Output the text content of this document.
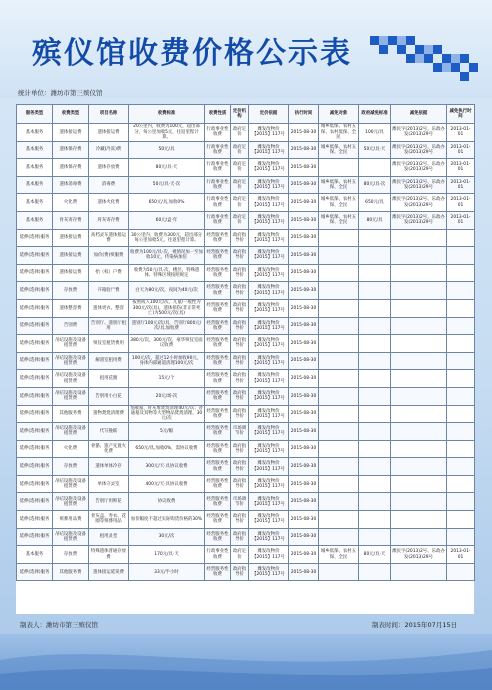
殡仪馆收费价格公示表
统计单位：潍坊市第三殡仪馆
服务类型	收费类型	项目名称	收费标准	收费性质	定价机构	定价依据	执行时间	减免对象	政府减免标准	减免依据	减免执行时间
基本服务	遗体接运费	遗体接运费	20公里内，收费为100元，超出部分，每公里加收5元，往返里程计算。	行政事业性收费	政府定价	潍发改物价【2015】117号	2015-08-30	城乡低保、农村五保、农村低保、全民	100元/具	潍民字(2013)2号、乐政办发(2013)29号	2013-01-01
基本服务	遗体保存费	冷藏(冷冻)费	50元/具	行政事业性收费	政府定价	潍发改物价【2015】117号	2015-08-30	城乡低保、农村五保、全民	50元/具·天	潍民字(2013)2号、乐政办发(2013)29号	2013-01-01
基本服务	遗体保存费	遗体存放费	80元/具·天	行政事业性收费	政府定价	潍发改物价【2015】117号	2015-08-30			潍民字(2013)2号、乐政办发(2013)29号	2013-01-01
基本服务	遗体消毒费	消毒费	50元/具·天·次	行政事业性收费	政府定价	潍发改物价【2015】117号	2015-08-30	城乡低保、农村五保、全民	80元/具·次	潍民字(2013)2号、乐政办发(2013)29号	2013-01-01
基本服务	火化费	遗体火化费	650元/具,加收0%	行政事业性收费	政府定价	潍发改物价【2015】117号	2015-08-30	城乡低保、农村五保、全民	650元/具	潍民字(2013)2号、乐政办发(2013)29号	2013-01-01
基本服务	骨灰寄存费	骨灰寄存费	60元/盒·年	行政事业性收费	政府定价	潍发改物价【2015】117号	2015-08-30	城乡低保、农村五保、全民	80元/具	潍民字(2013)2号、乐政办发(2013)29号	2013-01-01
延伸(选择)服务	遗体接运费	高档灵车遗体接运费	30公里内，收费为300元，超出部分每公里加收5元，往返里程计算。	经营服务性收费	政府指导价	潍发改物价【2015】117号	2015-08-30				
延伸(选择)服务	遗体接运费	加价(费)殡服费	收费为100元/具·次，视情况加一至加收10元，传染病加倍	经营服务性收费	政府指导价	潍发改物价【2015】117号	2015-08-30				
延伸(选择)服务	遗体接运费	抬（权）户费	收费为50元/具·次，楼层、特殊遗体、特殊区域按照规定	经营服务性收费	政府指导价	潍发改物价【2015】117号	2015-08-30				
延伸(选择)服务	存放费	开箱验尸费	白天为80元/次，夜间为40元/次	经营服务性收费	政府指导价	潍发改物价【2015】117号	2015-08-30				
延伸(选择)服务	遗体整容费	遗体更衣、整容	按照成人100元/次、儿童/一般性为300元/次(具)，遗体损伤(非正常死亡)为500元/次(具)	经营服务性收费	政府指导价	潍发改物价【2015】117号	2015-08-30				
延伸(选择)服务	告别费	告别厅、遗别厅租用	遗别厅100元/次/具，告别厅800元/次/具,加收费	经营服务性收费	政府指导价	潍发改物价【2015】117号	2015-08-30				
延伸(选择)服务	吊唁设施及设备租赁费	殡仪室租赁费用	380元/次，300元/次，豪华殡仪室面议收费	经营服务性收费	政府指导价	潍发改物价【2015】117号	2015-08-30				
延伸(选择)服务	吊唁设施及设备租赁费	解剖室租用费	100元/次，超过12小时加收90元，身体内部通道清理100元/次	经营服务性收费	政府指导价	潍发改物价【2015】117号	2015-08-30				
延伸(选择)服务	吊唁设施及设备租赁费	租用花圈	15元/个	经营服务性收费	政府指导价	潍发改物价【2015】117号	2015-08-30				
延伸(选择)服务	吊唁设施及设备租赁费	告别用小白花	20元/场·次	经营服务性收费	政府指导价	潍发改物价【2015】117号	2015-08-30				
延伸(选择)服务	其他服务费	遗物焚烧清理费	宽敞墓、骨灰堆焚烧清理40元/次；普通墓及冥物等大型物品焚烧清理，30元/次	经营服务性收费	政府指导价	潍发改物价【2015】117号	2015-08-30				
延伸(选择)服务	吊唁设施及设备租赁费	代写挽联	5元/幅	经营服务性收费	市场调节价	潍发改物价【2015】117号	2015-08-30				
延伸(选择)服务	火化费	骨骼、遗产先置火化费	650元/具,加收0%，需协议收费	经营服务性收费	政府指导价	潍发改物价【2015】117号	2015-08-30				
延伸(选择)服务	存放费	遗体单体冷存	300元/天·具协议收费	经营服务性收费	政府指导价	潍发改物价【2015】117号	2015-08-30				
延伸(选择)服务	吊唁设施及设备租赁费	单体守灵室	400元/天·具协议收费	经营服务性收费	政府指导价	潍发改物价【2015】117号	2015-08-30				
延伸(选择)服务	吊唁设施及设备租赁费	告别厅用鲜花	协议收费	经营服务性收费	市场调节价	潍发改物价【2015】117号	2015-08-30				
延伸(选择)服务	殡葬用品费	骨灰盒、寿衣、花圈等殡葬用品	加价幅度不超过实际购货价格的30%	经营服务性收费	政府指导价	潍发改物价【2015】117号	2015-08-30				
延伸(选择)服务	吊唁设施及设备租赁费	租用灵堂	30元/次	经营服务性收费	政府指导价	潍发改物价【2015】117号	2015-08-30				
基本服务	存放费	特殊遗体普通存放费	170元/具·天	行政事业性收费	政府定价	潍发改物价【2015】117号	2015-08-30	城乡低保、农村五保、全民	80元/具·天	潍民字(2013)2号、乐政办发(2013)29号	2013-01-01
延伸(选择)服务	其他服务费	遗体接运延误费	33元/半小时	经营服务性收费	政府指导价	潍发改物价【2015】117号	2015-08-30				
制表人：潍坊市第三殡仪馆	制表时间：2015年07月15日
